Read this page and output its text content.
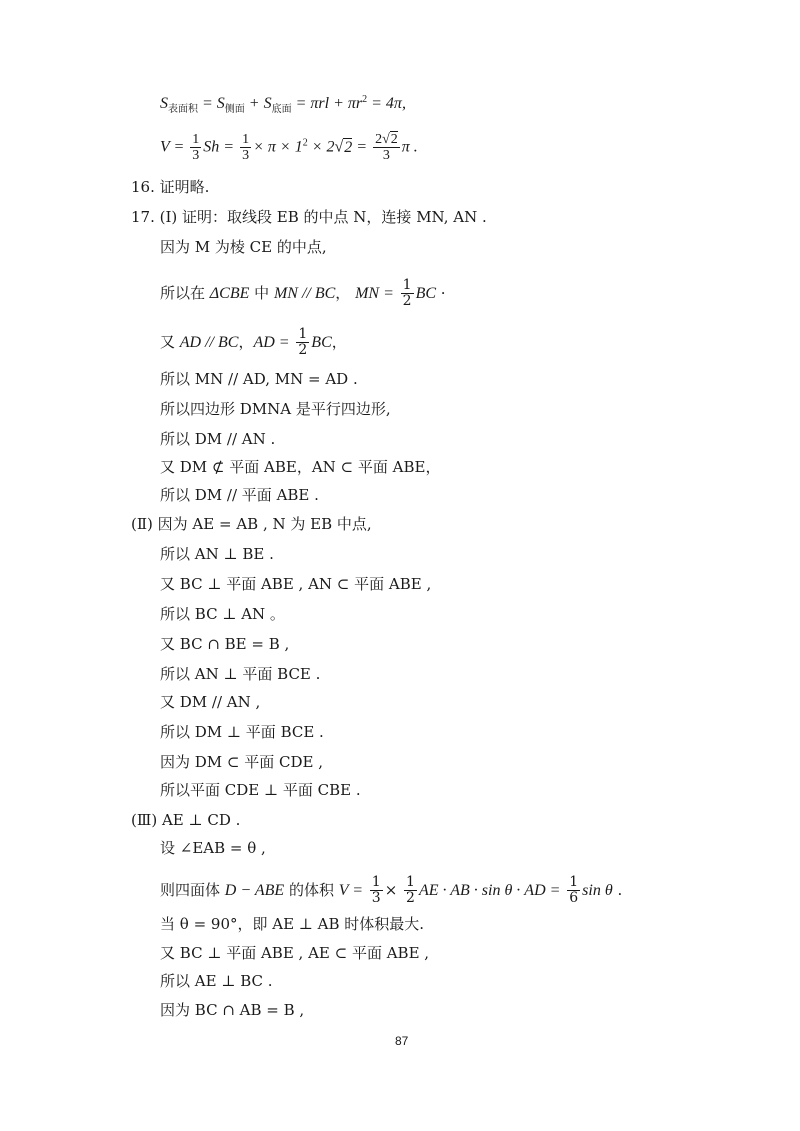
$S_{表面积} = S_{侧面} + S_{底面} = \pi rl + \pi r^2 = 4\pi$,
$V = \frac{1}{3}$ $Sh = \frac{1}{3} \times \pi \times 1^2 \times 2√2 = \frac{2√2}{3}$ π .
16. 证明略.
17. (Ⅰ) 证明：取线段 EB 的中点 N，连接 MN, AN .
因为 M 为棱 CE 的中点,
所以在 ΔCBE 中 MN // BC， MN = $\frac{1}{2}$ BC ·
又 AD // BC，AD = $\frac{1}{2}$ BC，
所以 MN // AD, MN = AD .
所以四边形 DMNA 是平行四边形,
所以 DM // AN .
又 DM ⊄ 平面 ABE，AN ⊂ 平面 ABE，
所以 DM // 平面 ABE .
(Ⅱ) 因为 AE = AB , N 为 EB 中点,
所以 AN ⊥ BE .
又 BC ⊥ 平面 ABE , AN ⊂ 平面 ABE ,
所以 BC ⊥ AN 。
又 BC ∩ BE = B ,
所以 AN ⊥ 平面 BCE .
又 DM // AN ,
所以 DM ⊥ 平面 BCE .
因为 DM ⊂ 平面 CDE ,
所以平面 CDE ⊥ 平面 CBE .
(Ⅲ) AE ⊥ CD .
设 ∠EAB = θ ,
则四面体 D − ABE 的体积 $V = \frac{1}{3} \times \frac{1}{2}$ AE · AB · sin θ · AD = $\frac{1}{6}$ sin θ .
当 θ = 90°，即 AE ⊥ AB 时体积最大.
又 BC ⊥ 平面 ABE , AE ⊂ 平面 ABE ,
所以 AE ⊥ BC .
因为 BC ∩ AB = B ,
87
